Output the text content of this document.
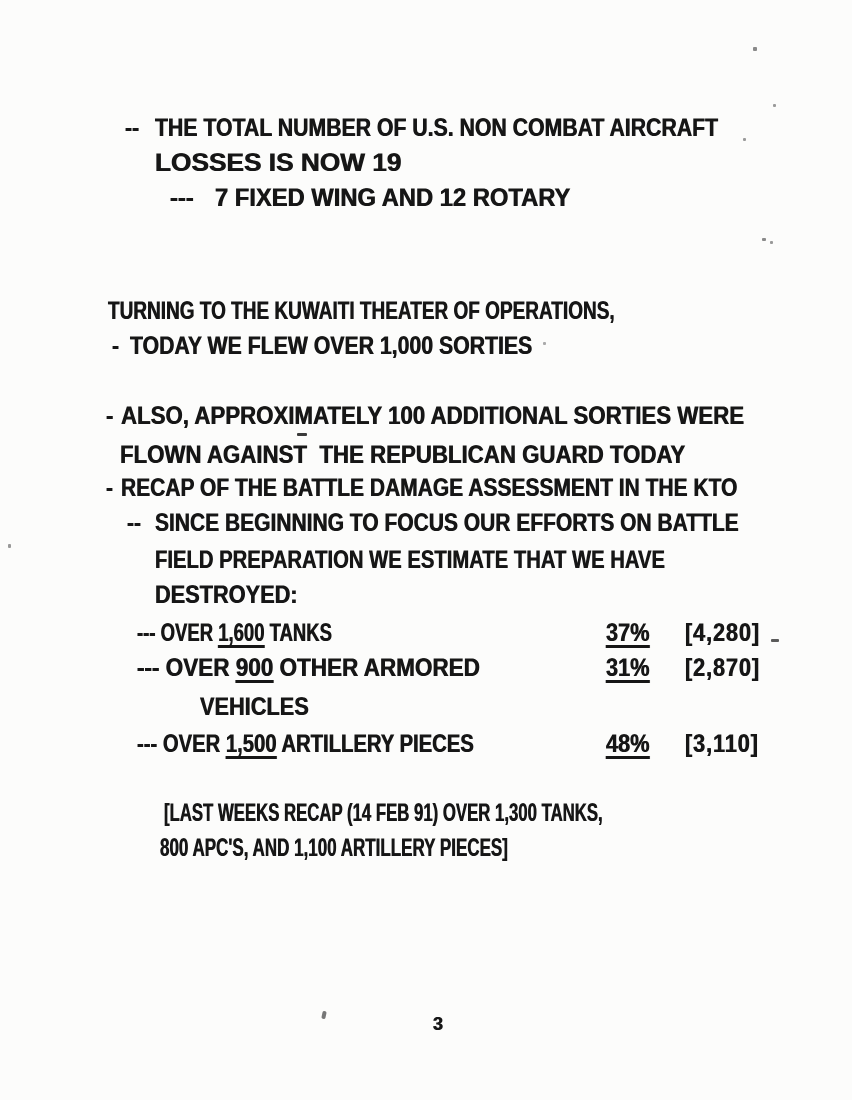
-- THE TOTAL NUMBER OF U.S. NON COMBAT AIRCRAFT
LOSSES IS NOW 19
--- 7 FIXED WING AND 12 ROTARY
TURNING TO THE KUWAITI THEATER OF OPERATIONS,
- TODAY WE FLEW OVER 1,000 SORTIES
- ALSO, APPROXIMATELY 100 ADDITIONAL SORTIES WERE
FLOWN AGAINST  THE REPUBLICAN GUARD TODAY
- RECAP OF THE BATTLE DAMAGE ASSESSMENT IN THE KTO
-- SINCE BEGINNING TO FOCUS OUR EFFORTS ON BATTLE
FIELD PREPARATION WE ESTIMATE THAT WE HAVE
DESTROYED:
--- OVER 1,600 TANKS	37% [4,280]
--- OVER 900 OTHER ARMORED	31% [2,870]
VEHICLES
--- OVER 1,500 ARTILLERY PIECES	48% [3,110]
[LAST WEEKS RECAP (14 FEB 91) OVER 1,300 TANKS,
800 APC'S, AND 1,100 ARTILLERY PIECES]
3
